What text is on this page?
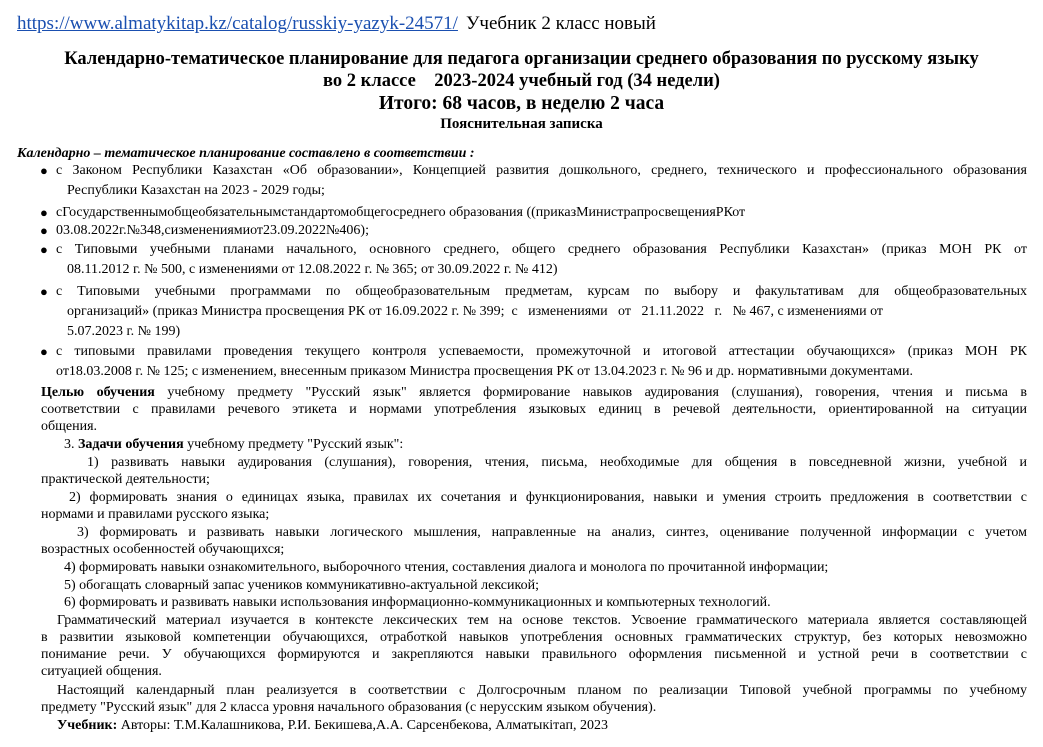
https://www.almatykitap.kz/catalog/russkiy-yazyk-24571/ Учебник 2 класс новый
Календарно-тематическое планирование для педагога организации среднего образования по русскому языку
во 2 классе    2023-2024 учебный год (34 недели)
Итого: 68 часов, в неделю 2 часа
Пояснительная записка
Календарно – тематическое планирование составлено в соответствии :
● с Законом Республики Казахстан «Об образовании», Концепцией развития дошкольного, среднего, технического и профессионального образования
Республики Казахстан на 2023 - 2029 годы;
● сГосударственнымобщеобязательнымстандартомобщегосреднего образования ((приказМинистрапросвещенияРКот
● 03.08.2022г.№348,сизменениямиот23.09.2022№406);
● с Типовыми учебными планами начального, основного среднего, общего среднего образования Республики Казахстан» (приказ МОН РК от
08.11.2012 г. № 500, с изменениями от 12.08.2022 г. № 365; от 30.09.2022 г. № 412)
● с Типовыми учебными программами по общеобразовательным предметам, курсам по выбору и факультативам для общеобразовательных
организаций» (приказ Министра просвещения РК от 16.09.2022 г. № 399;  с   изменениями   от   21.11.2022   г.   № 467, с изменениями от
5.07.2023 г. № 199)
● с типовыми правилами проведения текущего контроля успеваемости, промежуточной и итоговой аттестации обучающихся» (приказ МОН РК
от18.03.2008 г. № 125; с изменением, внесенным приказом Министра просвещения РК от 13.04.2023 г. № 96 и др. нормативными документами.
Целью обучения учебному предмету "Русский язык" является формирование навыков аудирования (слушания), говорения, чтения и письма в
соответствии с правилами речевого этикета и нормами употребления языковых единиц в речевой деятельности, ориентированной на ситуации
общения.
3. Задачи обучения учебному предмету "Русский язык":
1) развивать навыки аудирования (слушания), говорения, чтения, письма, необходимые для общения в повседневной жизни, учебной и
практической деятельности;
2) формировать знания о единицах языка, правилах их сочетания и функционирования, навыки и умения строить предложения в соответствии с
нормами и правилами русского языка;
3) формировать и развивать навыки логического мышления, направленные на анализ, синтез, оценивание полученной информации с учетом
возрастных особенностей обучающихся;
4) формировать навыки ознакомительного, выборочного чтения, составления диалога и монолога по прочитанной информации;
5) обогащать словарный запас учеников коммуникативно-актуальной лексикой;
6) формировать и развивать навыки использования информационно-коммуникационных и компьютерных технологий.
Грамматический материал изучается в контексте лексических тем на основе текстов. Усвоение грамматического материала является составляющей
в развитии языковой компетенции обучающихся, отработкой навыков употребления основных грамматических структур, без которых невозможно
понимание речи. У обучающихся формируются и закрепляются навыки правильного оформления письменной и устной речи в соответствии с
ситуацией общения.
Настоящий календарный план реализуется в соответствии с Долгосрочным планом по реализации Типовой учебной программы по учебному
предмету "Русский язык" для 2 класса уровня начального образования (с нерусским языком обучения).
Учебник: Авторы: Т.М.Калашникова, Р.И. Бекишева,А.А. Сарсенбекова, Алматыкітап, 2023
